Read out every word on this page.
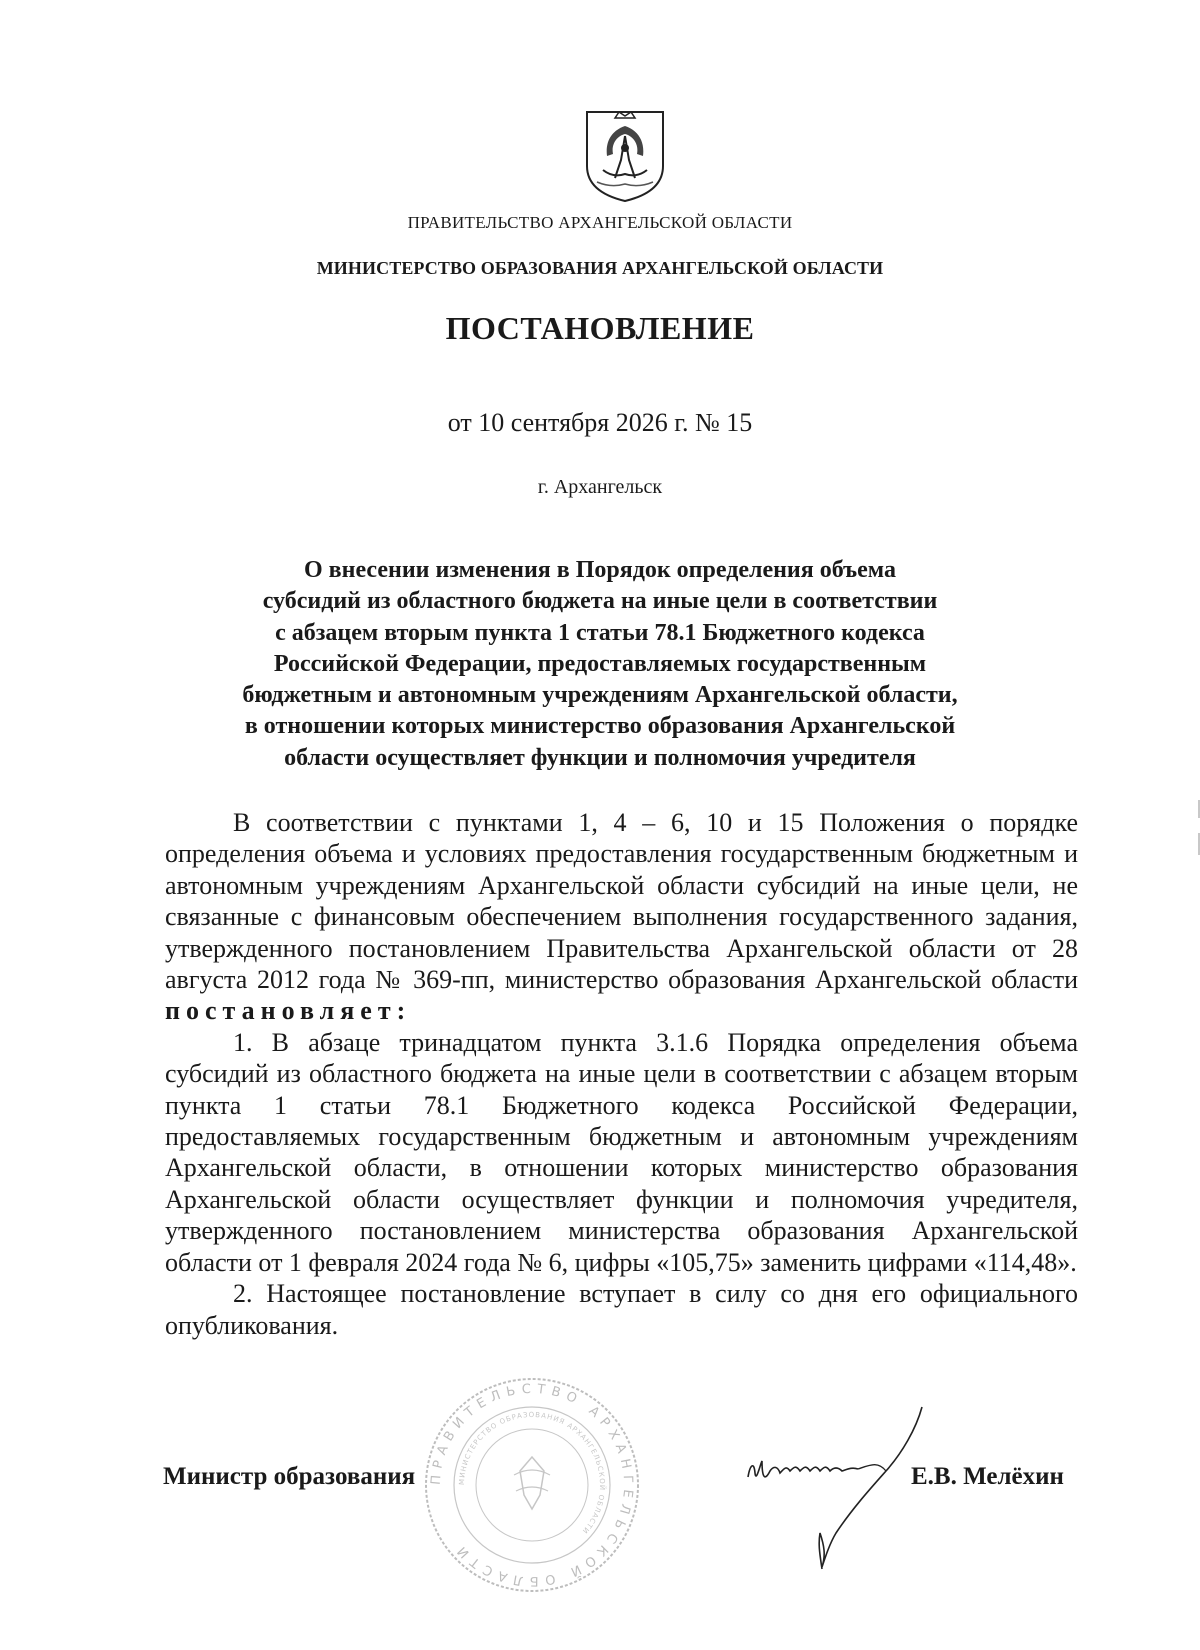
ПРАВИТЕЛЬСТВО АРХАНГЕЛЬСКОЙ ОБЛАСТИ
МИНИСТЕРСТВО ОБРАЗОВАНИЯ АРХАНГЕЛЬСКОЙ ОБЛАСТИ
ПОСТАНОВЛЕНИЕ
от 10 сентября 2026 г. № 15
г. Архангельск
О внесении изменения в Порядок определения объема
субсидий из областного бюджета на иные цели в соответствии
с абзацем вторым пункта 1 статьи 78.1 Бюджетного кодекса
Российской Федерации, предоставляемых государственным
бюджетным и автономным учреждениям Архангельской области,
в отношении которых министерство образования Архангельской
области осуществляет функции и полномочия учредителя

В соответствии с пунктами 1, 4 – 6, 10 и 15 Положения о порядке определения объема и условиях предоставления государственным бюджетным и автономным учреждениям Архангельской области субсидий на иные цели, не связанные с финансовым обеспечением выполнения государственного задания, утвержденного постановлением Правительства Архангельской области от 28 августа 2012 года № 369-пп, министерство образования Архангельской области постановляет:

1. В абзаце тринадцатом пункта 3.1.6 Порядка определения объема субсидий из областного бюджета на иные цели в соответствии с абзацем вторым пункта 1 статьи 78.1 Бюджетного кодекса Российской Федерации, предоставляемых государственным бюджетным и автономным учреждениям Архангельской области, в отношении которых министерство образования Архангельской области осуществляет функции и полномочия учредителя, утвержденного постановлением министерства образования Архангельской области от 1 февраля 2024 года № 6, цифры «105,75» заменить цифрами «114,48».

2. Настоящее постановление вступает в силу со дня его официального опубликования.

ПРАВИТЕЛЬСТВО АРХАНГЕЛЬСКОЙ ОБЛАСТИ
МИНИСТЕРСТВО ОБРАЗОВАНИЯ АРХАНГЕЛЬСКОЙ ОБЛАСТИ
Министр образования	Е.В. Мелёхин
